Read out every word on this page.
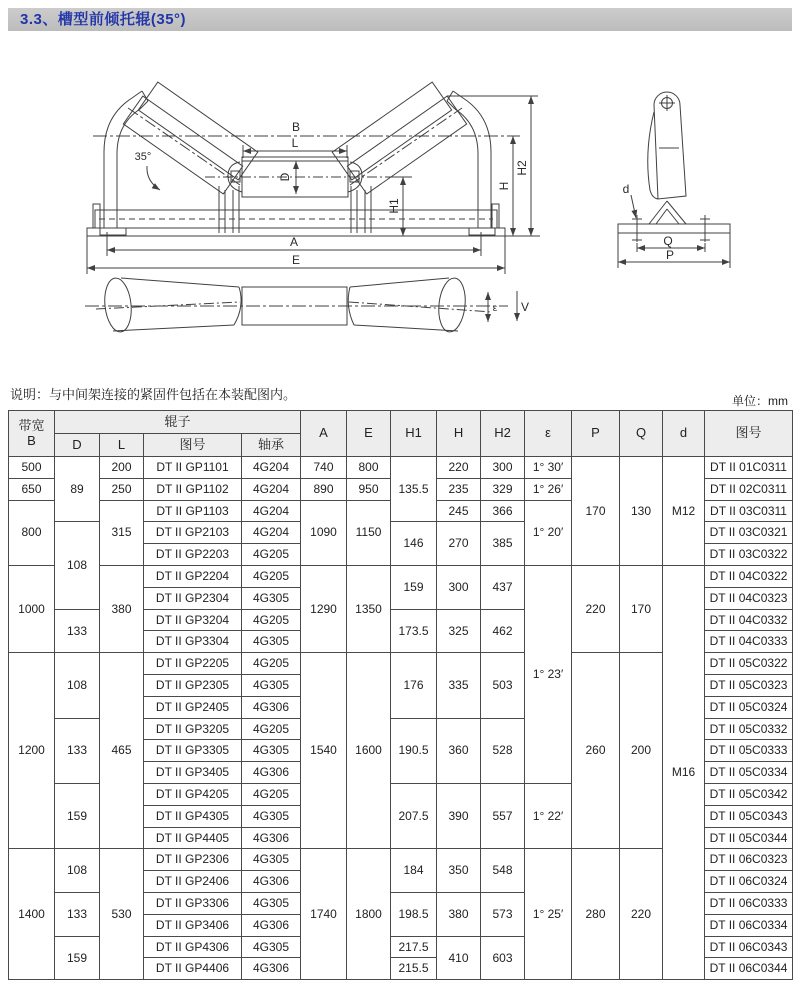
3.3、槽型前倾托辊(35°)
B
L
D
35°
H1
H
H2
A
E
d
Q
P
ε V
说明：与中间架连接的紧固件包括在本装配图内。	单位：mm
带宽
B	辊子				A	E	H1	H	H2	ε	P	Q	d	图号
	D	L	图号	轴承										
500	89	200	DT II GP1101	4G204	740	800	135.5	220	300	1° 30′	170	130	M12	DT II 01C0311
650		250	DT II GP1102	4G204	890	950		235	329	1° 26′				DT II 02C0311
800		315	DT II GP1103	4G204	1090	1150		245	366	1° 20′				DT II 03C0311
	108		DT II GP2103	4G204			146	270	385					DT II 03C0321
			DT II GP2203	4G205										DT II 03C0322
1000		380	DT II GP2204	4G205	1290	1350	159	300	437	1° 23′	220	170	M16	DT II 04C0322
			DT II GP2304	4G305										DT II 04C0323
	133		DT II GP3204	4G205			173.5	325	462					DT II 04C0332
			DT II GP3304	4G305										DT II 04C0333
1200	108	465	DT II GP2205	4G205	1540	1600	176	335	503		260	200		DT II 05C0322
			DT II GP2305	4G305										DT II 05C0323
			DT II GP2405	4G306										DT II 05C0324
	133		DT II GP3205	4G205			190.5	360	528					DT II 05C0332
			DT II GP3305	4G305										DT II 05C0333
			DT II GP3405	4G306										DT II 05C0334
	159		DT II GP4205	4G205			207.5	390	557	1° 22′				DT II 05C0342
			DT II GP4305	4G305										DT II 05C0343
			DT II GP4405	4G306										DT II 05C0344
1400	108	530	DT II GP2306	4G305	1740	1800	184	350	548	1° 25′	280	220		DT II 06C0323
			DT II GP2406	4G306										DT II 06C0324
	133		DT II GP3306	4G305			198.5	380	573					DT II 06C0333
			DT II GP3406	4G306										DT II 06C0334
	159		DT II GP4306	4G305			217.5	410	603					DT II 06C0343
			DT II GP4406	4G306			215.5							DT II 06C0344
